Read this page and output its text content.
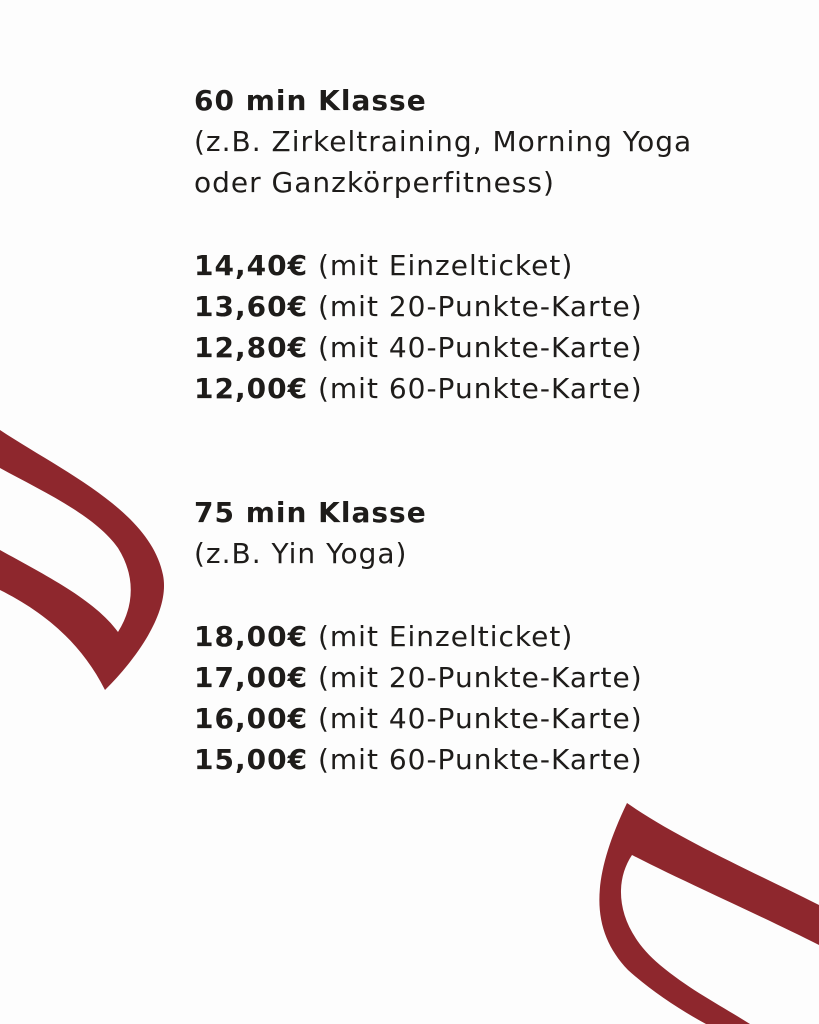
60 min Klasse

(z.B. Zirkeltraining, Morning Yoga

oder Ganzkörperfitness)

14,40€ (mit Einzelticket)

13,60€ (mit 20-Punkte-Karte)

12,80€ (mit 40-Punkte-Karte)

12,00€ (mit 60-Punkte-Karte)

75 min Klasse

(z.B. Yin Yoga)

18,00€ (mit Einzelticket)

17,00€ (mit 20-Punkte-Karte)

16,00€ (mit 40-Punkte-Karte)

15,00€ (mit 60-Punkte-Karte)
